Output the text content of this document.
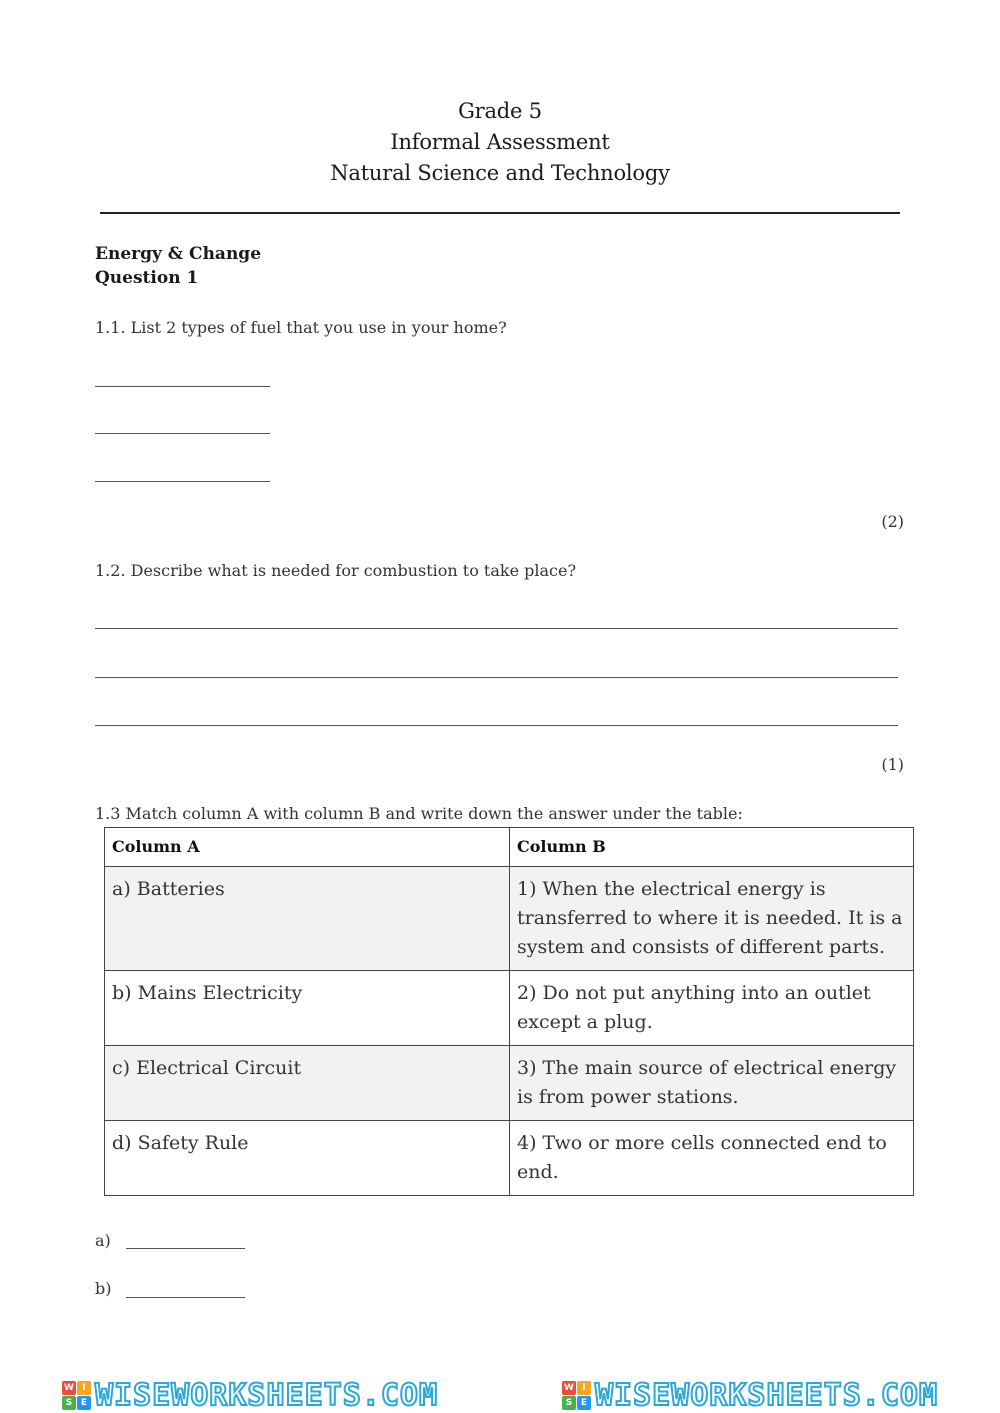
Grade 5
Informal Assessment
Natural Science and Technology
Energy & Change
Question 1
1.1. List 2 types of fuel that you use in your home?
(2)
1.2. Describe what is needed for combustion to take place?
(1)
1.3 Match column A with column B and write down the answer under the table:
Column A	Column B
a) Batteries	1) When the electrical energy is transferred to where it is needed. It is a system and consists of different parts.
b) Mains Electricity	2) Do not put anything into an outlet except a plug.
c) Electrical Circuit	3) The main source of electrical energy is from power stations.
d) Safety Rule	4) Two or more cells connected end to end.
a)
b)
W I
S E WISEWORKSHEETS.COM	W I
S E WISEWORKSHEETS.COM
